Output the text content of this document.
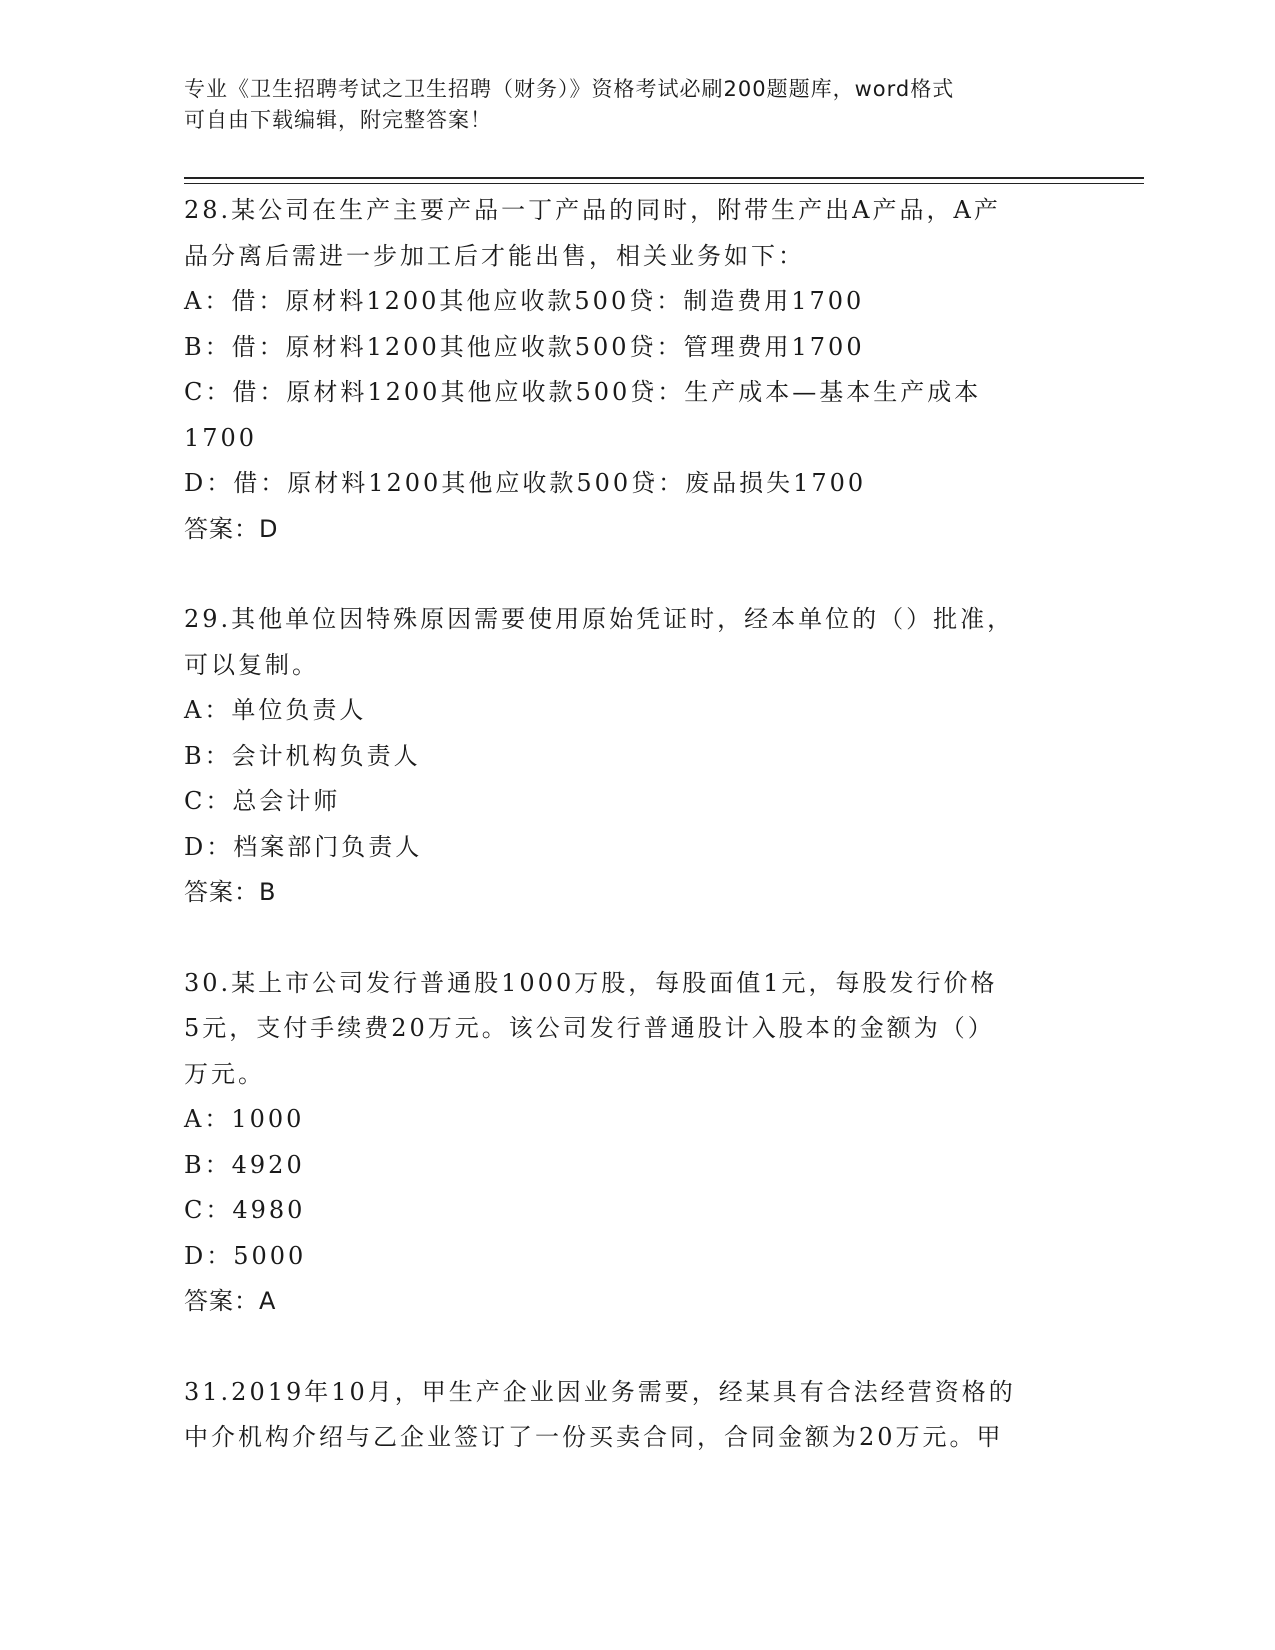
专业《卫生招聘考试之卫生招聘（财务）》资格考试必刷200题题库，word格式
可自由下载编辑，附完整答案！
28.某公司在生产主要产品一丁产品的同时，附带生产出A产品，A产
品分离后需进一步加工后才能出售，相关业务如下：
A：借：原材料1200其他应收款500贷：制造费用1700
B：借：原材料1200其他应收款500贷：管理费用1700
C：借：原材料1200其他应收款500贷：生产成本—基本生产成本
1700
D：借：原材料1200其他应收款500贷：废品损失1700
答案：D
29.其他单位因特殊原因需要使用原始凭证时，经本单位的（）批准，
可以复制。
A：单位负责人
B：会计机构负责人
C：总会计师
D：档案部门负责人
答案：B
30.某上市公司发行普通股1000万股，每股面值1元，每股发行价格
5元，支付手续费20万元。该公司发行普通股计入股本的金额为（）
万元。
A：1000
B：4920
C：4980
D：5000
答案：A
31.2019年10月，甲生产企业因业务需要，经某具有合法经营资格的
中介机构介绍与乙企业签订了一份买卖合同，合同金额为20万元。甲
